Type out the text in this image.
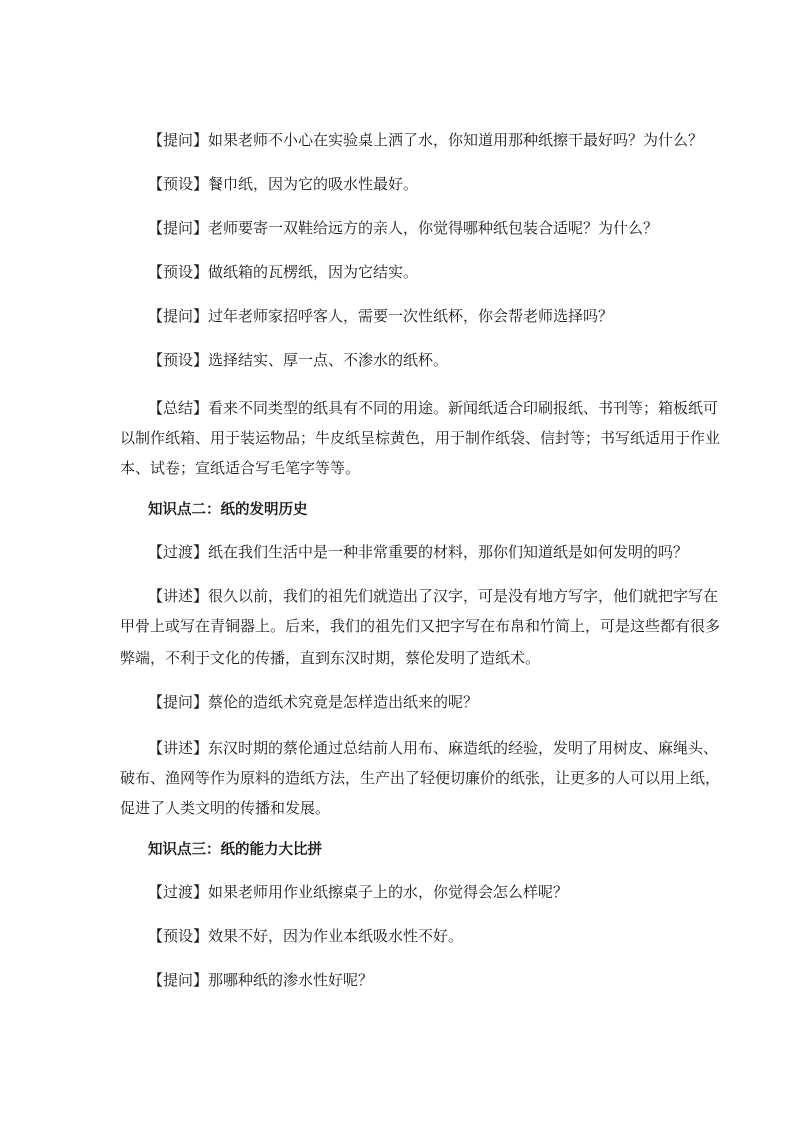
【提问】如果老师不小心在实验桌上洒了水，你知道用那种纸擦干最好吗？为什么？
【预设】餐巾纸，因为它的吸水性最好。
【提问】老师要寄一双鞋给远方的亲人，你觉得哪种纸包装合适呢？为什么？
【预设】做纸箱的瓦楞纸，因为它结实。
【提问】过年老师家招呼客人，需要一次性纸杯，你会帮老师选择吗？
【预设】选择结实、厚一点、不渗水的纸杯。
【总结】看来不同类型的纸具有不同的用途。新闻纸适合印刷报纸、书刊等；箱板纸可
以制作纸箱、用于装运物品；牛皮纸呈棕黄色，用于制作纸袋、信封等；书写纸适用于作业
本、试卷；宣纸适合写毛笔字等等。
知识点二：纸的发明历史
【过渡】纸在我们生活中是一种非常重要的材料，那你们知道纸是如何发明的吗？
【讲述】很久以前，我们的祖先们就造出了汉字，可是没有地方写字，他们就把字写在
甲骨上或写在青铜器上。后来，我们的祖先们又把字写在布帛和竹简上，可是这些都有很多
弊端，不利于文化的传播，直到东汉时期，蔡伦发明了造纸术。
【提问】蔡伦的造纸术究竟是怎样造出纸来的呢？
【讲述】东汉时期的蔡伦通过总结前人用布、麻造纸的经验，发明了用树皮、麻绳头、
破布、渔网等作为原料的造纸方法，生产出了轻便切廉价的纸张，让更多的人可以用上纸，
促进了人类文明的传播和发展。
知识点三：纸的能力大比拼
【过渡】如果老师用作业纸擦桌子上的水，你觉得会怎么样呢？
【预设】效果不好，因为作业本纸吸水性不好。
【提问】那哪种纸的渗水性好呢？
